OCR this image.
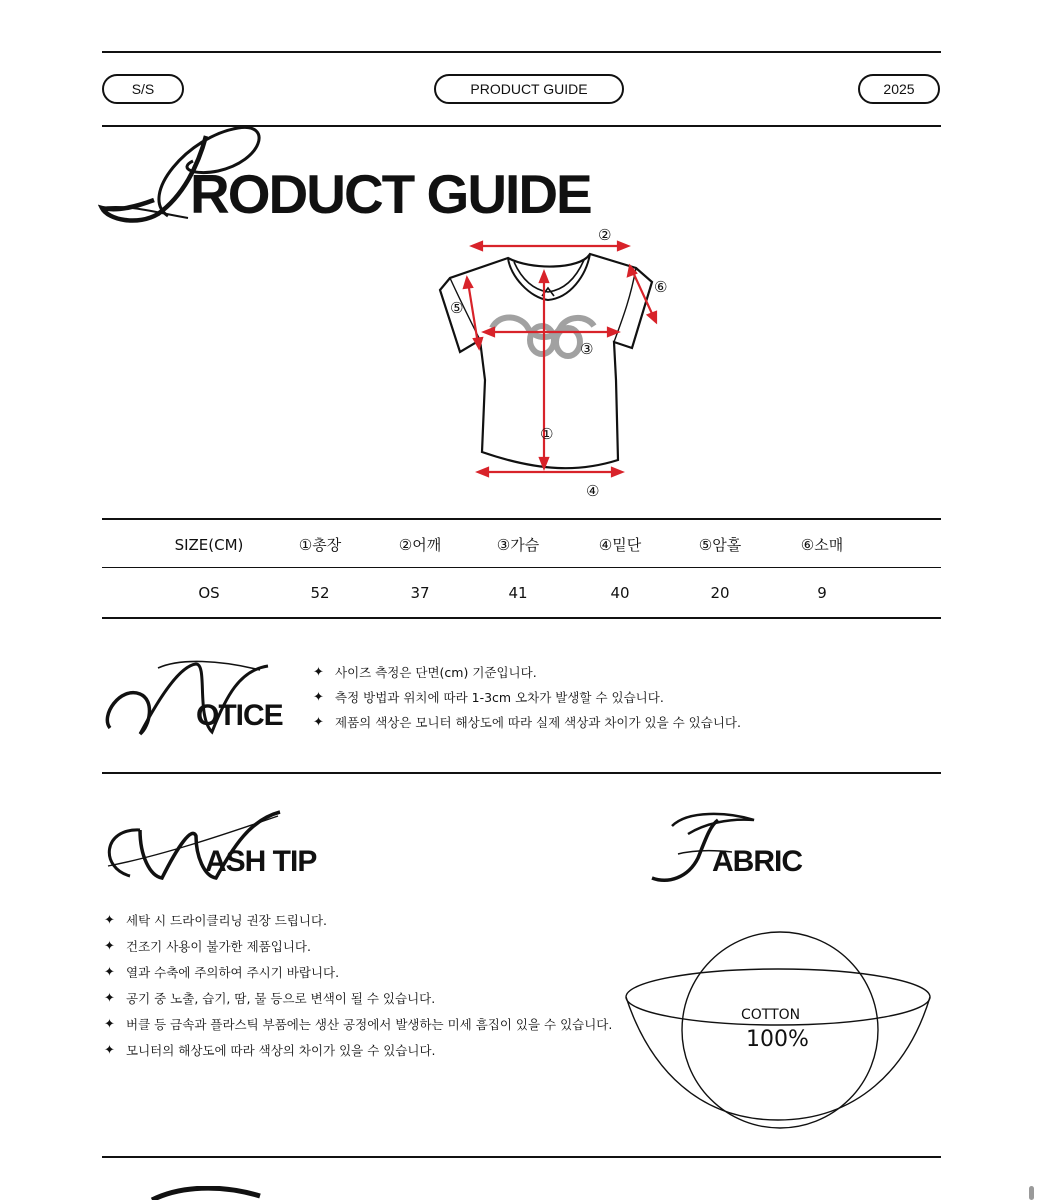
S/S	PRODUCT GUIDE	2025
RODUCT GUIDE
②
①
③
④
⑤
⑥
SIZE(CM)	①총장	②어깨	③가슴	④밑단	⑤암홀	⑥소매
OS	52	37	41	40	20	9
OTICE
✦ 사이즈 측정은 단면(cm) 기준입니다.
✦ 측정 방법과 위치에 따라 1-3cm 오차가 발생할 수 있습니다.
✦ 제품의 색상은 모니터 해상도에 따라 실제 색상과 차이가 있을 수 있습니다.
ASH TIP
✦ 세탁 시 드라이클리닝 권장 드립니다.
✦ 건조기 사용이 불가한 제품입니다.
✦ 열과 수축에 주의하여 주시기 바랍니다.
✦ 공기 중 노출, 습기, 땀, 물 등으로 변색이 될 수 있습니다.
✦ 버클 등 금속과 플라스틱 부품에는 생산 공정에서 발생하는 미세 흠집이 있을 수 있습니다.
✦ 모니터의 해상도에 따라 색상의 차이가 있을 수 있습니다.
ABRIC
COTTON
100%
